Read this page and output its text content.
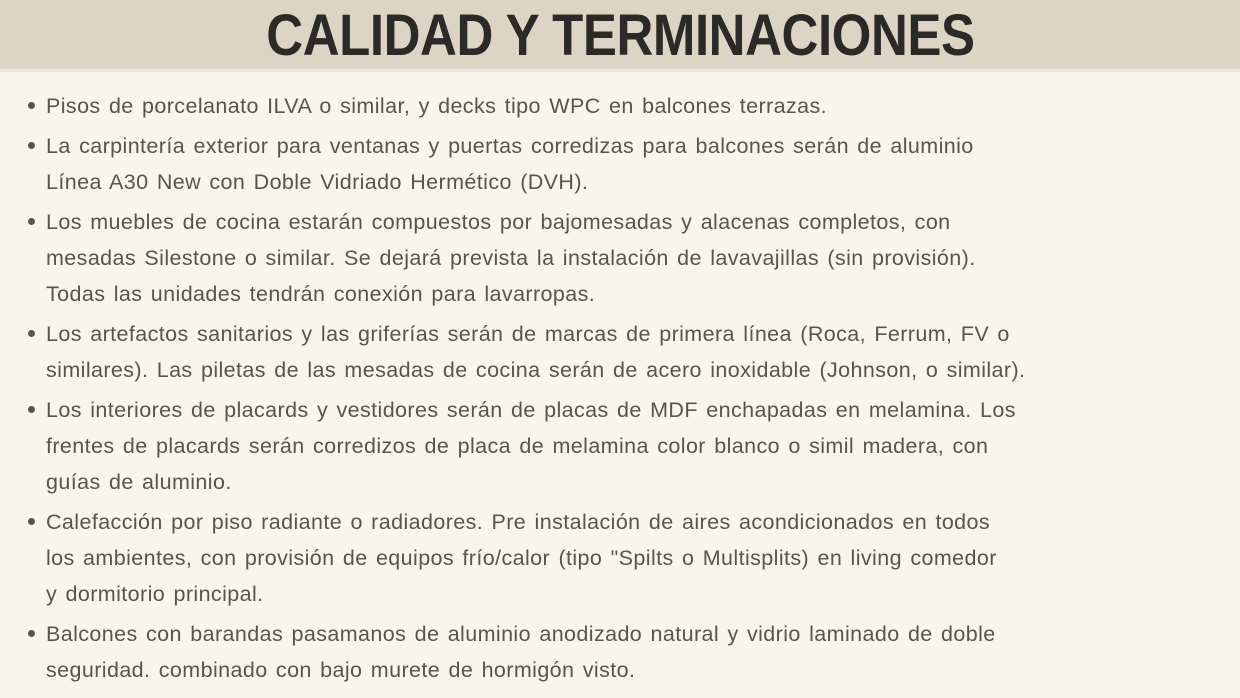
CALIDAD Y TERMINACIONES
Pisos de porcelanato ILVA o similar, y decks tipo WPC en balcones terrazas.
La carpintería exterior para ventanas y puertas corredizas para balcones serán de aluminio
Línea A30 New con Doble Vidriado Hermético (DVH).
Los muebles de cocina estarán compuestos por bajomesadas y alacenas completos, con
mesadas Silestone o similar. Se dejará prevista la instalación de lavavajillas (sin provisión).
Todas las unidades tendrán conexión para lavarropas.
Los artefactos sanitarios y las griferías serán de marcas de primera línea (Roca, Ferrum, FV o
similares). Las piletas de las mesadas de cocina serán de acero inoxidable (Johnson, o similar).
Los interiores de placards y vestidores serán de placas de MDF enchapadas en melamina. Los
frentes de placards serán corredizos de placa de melamina color blanco o simil madera, con
guías de aluminio.
Calefacción por piso radiante o radiadores. Pre instalación de aires acondicionados en todos
los ambientes, con provisión de equipos frío/calor (tipo "Spilts o Multisplits) en living comedor
y dormitorio principal.
Balcones con barandas pasamanos de aluminio anodizado natural y vidrio laminado de doble
seguridad. combinado con bajo murete de hormigón visto.
